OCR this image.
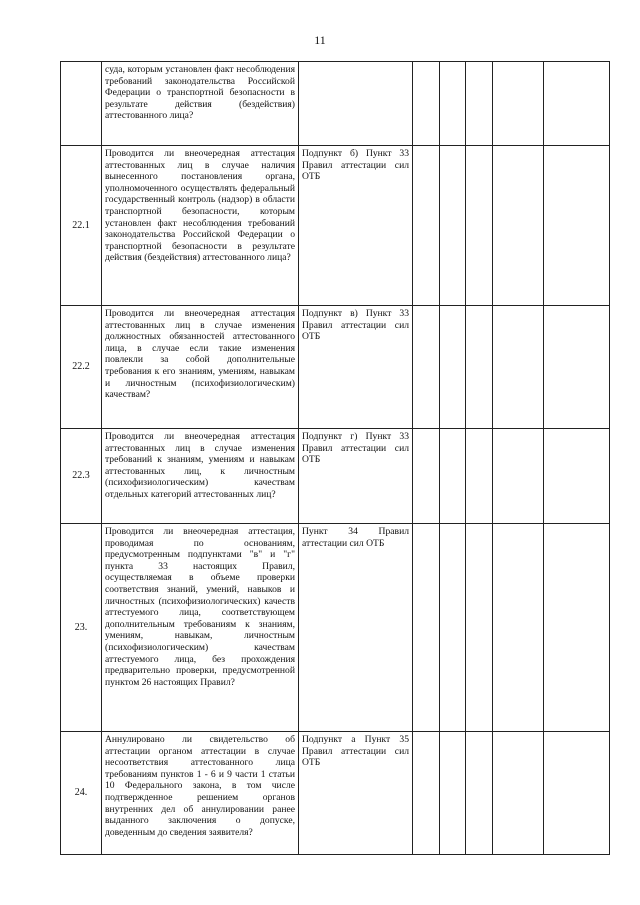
11
	суда, которым установлен факт несоблюдения требований законодательства Российской Федерации о транспортной безопасности в результате действия (бездействия) аттестованного лица?						
22.1	Проводится ли внеочередная аттестация аттестованных лиц в случае наличия вынесенного постановления органа, уполномоченного осуществлять федеральный государственный контроль (надзор) в области транспортной безопасности, которым установлен факт несоблюдения требований законодательства Российской Федерации о транспортной безопасности в результате действия (бездействия) аттестованного лица?	Подпункт б) Пункт 33 Правил аттестации сил ОТБ					
22.2	Проводится ли внеочередная аттестация аттестованных лиц в случае изменения должностных обязанностей аттестованного лица, в случае если такие изменения повлекли за собой дополнительные требования к его знаниям, умениям, навыкам и личностным (психофизиологическим) качествам?	Подпункт в) Пункт 33 Правил аттестации сил ОТБ					
22.3	Проводится ли внеочередная аттестация аттестованных лиц в случае изменения требований к знаниям, умениям и навыкам аттестованных лиц, к личностным (психофизиологическим) качествам отдельных категорий аттестованных лиц?	Подпункт г) Пункт 33 Правил аттестации сил ОТБ					
23.	Проводится ли внеочередная аттестация, проводимая по основаниям, предусмотренным подпунктами "в" и "г" пункта 33 настоящих Правил, осуществляемая в объеме проверки соответствия знаний, умений, навыков и личностных (психофизиологических) качеств аттестуемого лица, соответствующем дополнительным требованиям к знаниям, умениям, навыкам, личностным (психофизиологическим) качествам аттестуемого лица, без прохождения предварительно проверки, предусмотренной пунктом 26 настоящих Правил?	Пункт 34 Правил аттестации сил ОТБ					
24.	Аннулировано ли свидетельство об аттестации органом аттестации в случае несоответствия аттестованного лица требованиям пунктов 1 - 6 и 9 части 1 статьи 10 Федерального закона, в том числе подтвержденное решением органов внутренних дел об аннулировании ранее выданного заключения о допуске, доведенным до сведения заявителя?	Подпункт а Пункт 35 Правил аттестации сил ОТБ					
